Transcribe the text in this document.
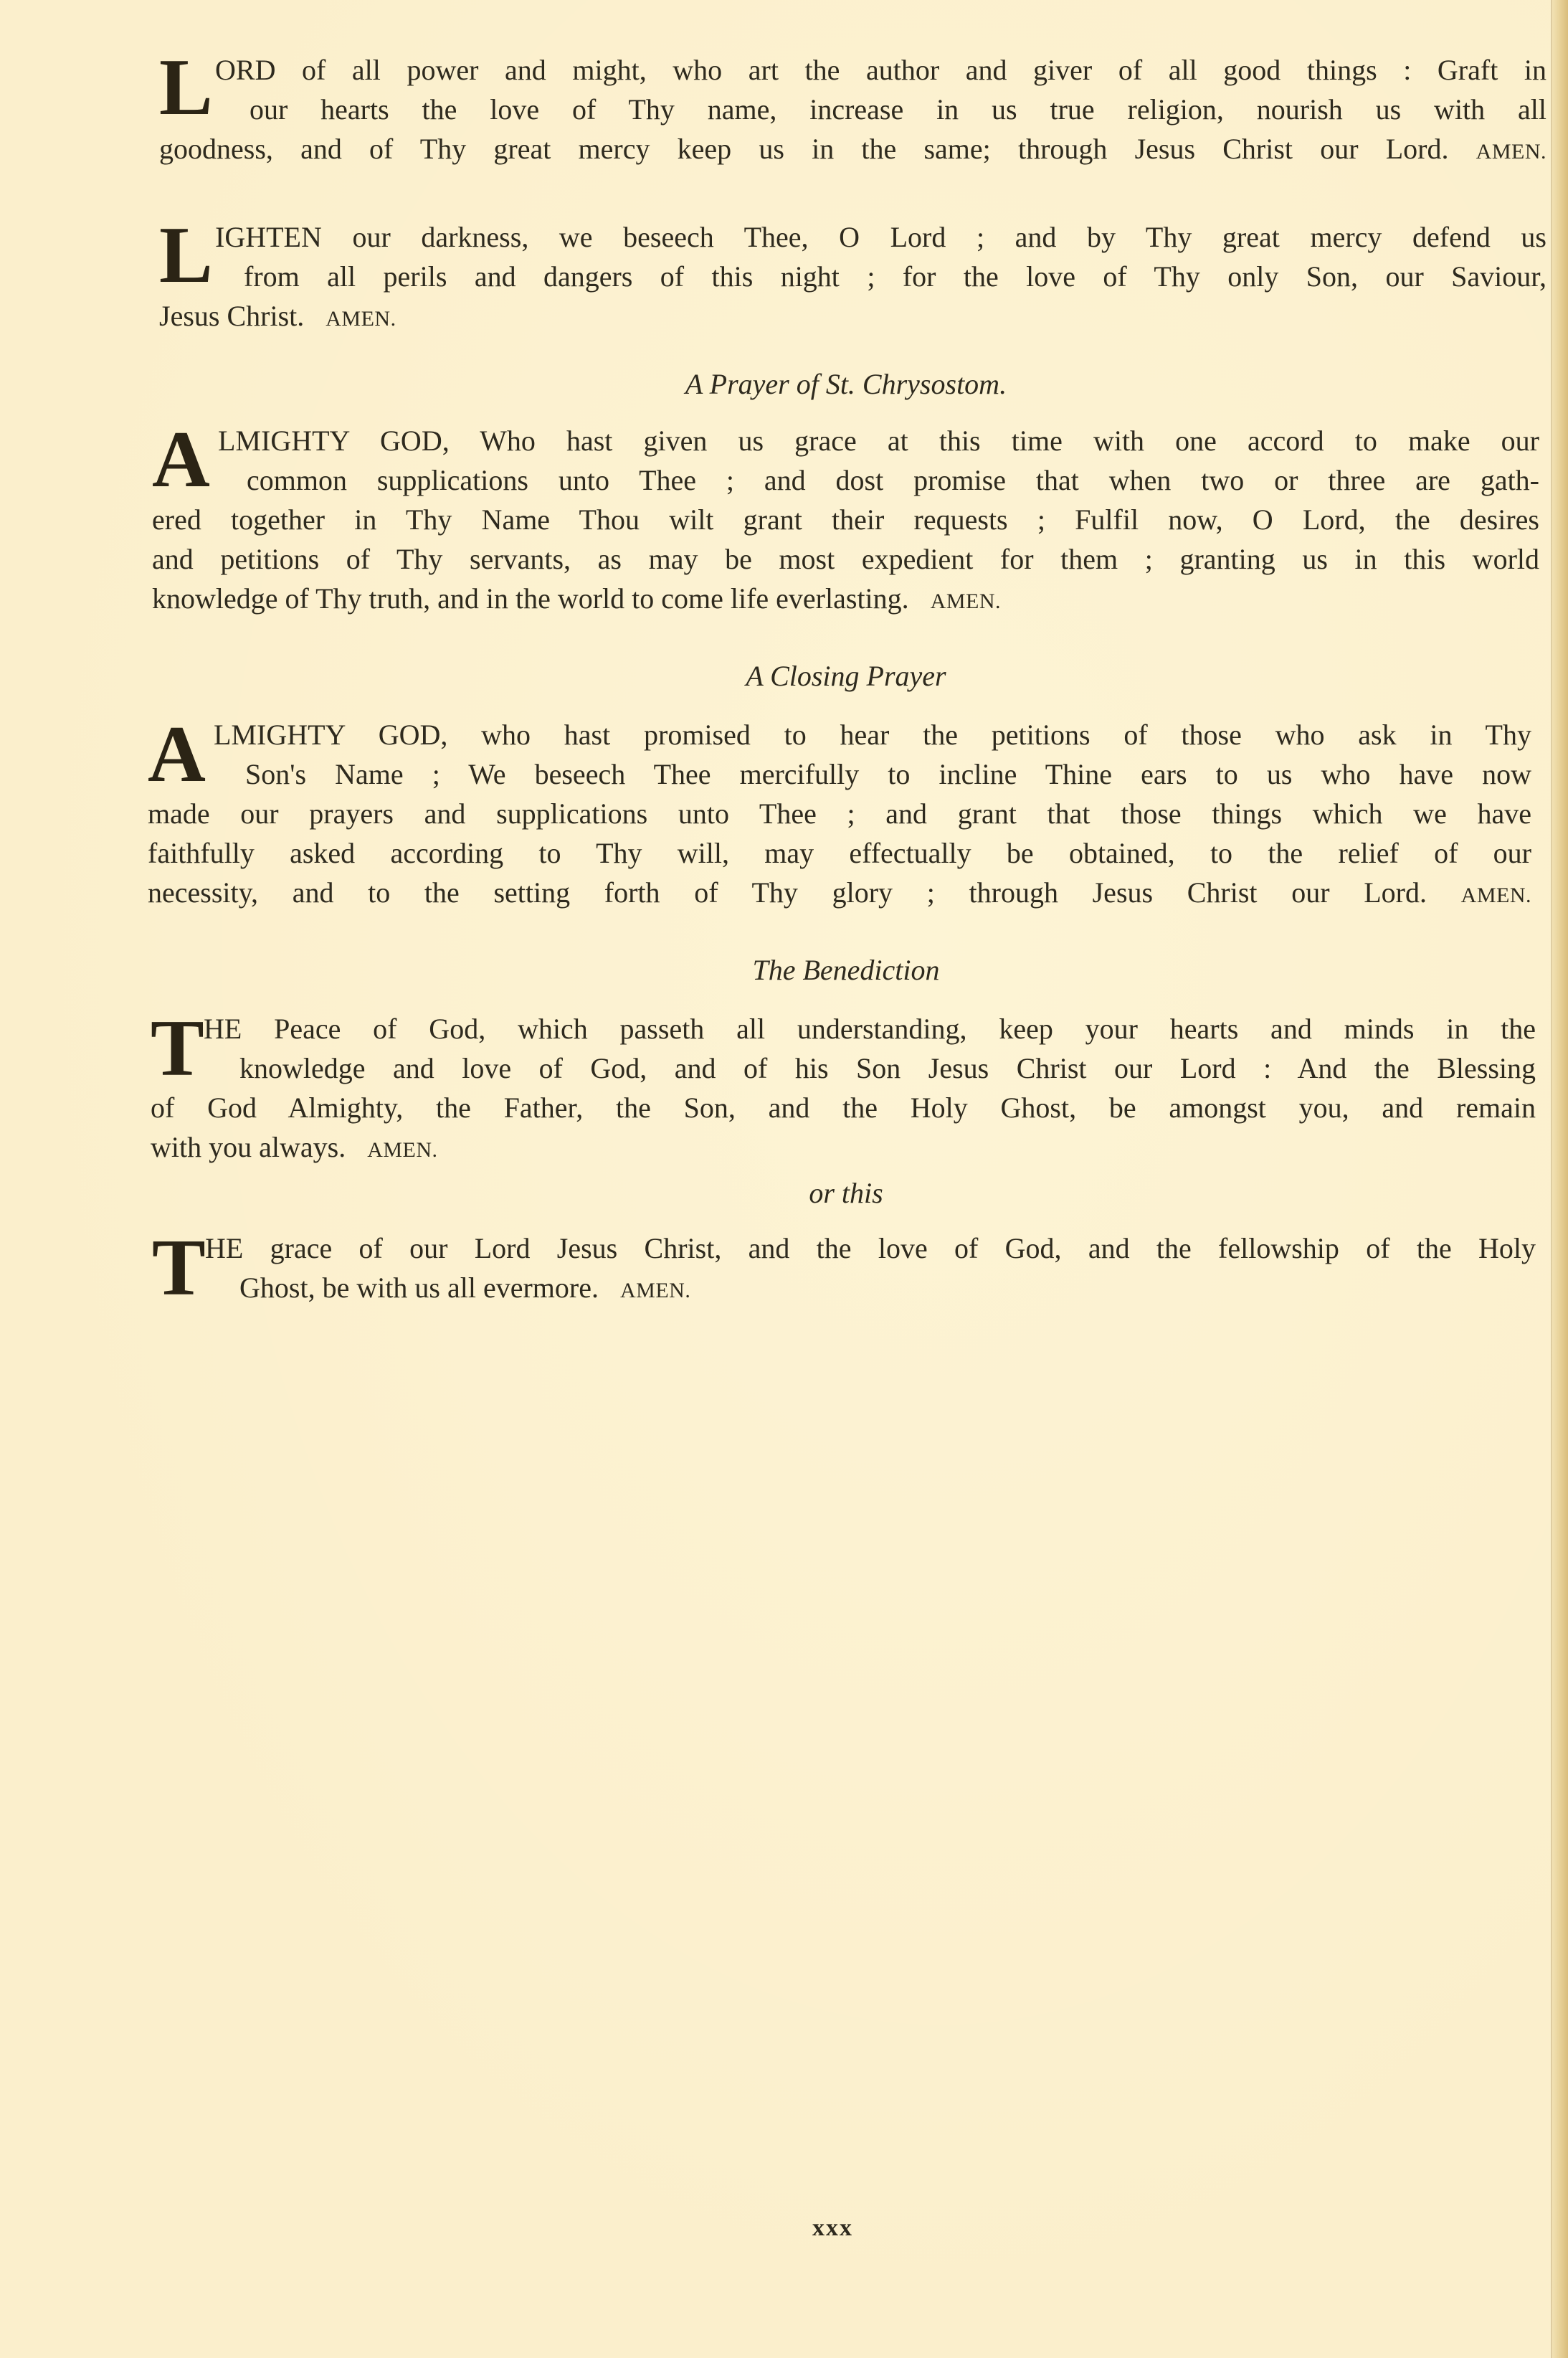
L ORD of all power and might, who art the author and giver of all good things : Graft in
our hearts the love of Thy name, increase in us true religion, nourish us with all
goodness, and of Thy great mercy keep us in the same; through Jesus Christ our Lord. AMEN.
L IGHTEN our darkness, we beseech Thee, O Lord ; and by Thy great mercy defend us
from all perils and dangers of this night ; for the love of Thy only Son, our Saviour,
Jesus Christ. AMEN.
A Prayer of St. Chrysostom.
A LMIGHTY GOD, Who hast given us grace at this time with one accord to make our
common supplications unto Thee ; and dost promise that when two or three are gath-
ered together in Thy Name Thou wilt grant their requests ; Fulfil now, O Lord, the desires
and petitions of Thy servants, as may be most expedient for them ; granting us in this world
knowledge of Thy truth, and in the world to come life everlasting. AMEN.
A Closing Prayer
A LMIGHTY GOD, who hast promised to hear the petitions of those who ask in Thy
Son's Name ; We beseech Thee mercifully to incline Thine ears to us who have now
made our prayers and supplications unto Thee ; and grant that those things which we have
faithfully asked according to Thy will, may effectually be obtained, to the relief of our
necessity, and to the setting forth of Thy glory ; through Jesus Christ our Lord. AMEN.
The Benediction
T HE Peace of God, which passeth all understanding, keep your hearts and minds in the
knowledge and love of God, and of his Son Jesus Christ our Lord : And the Blessing
of God Almighty, the Father, the Son, and the Holy Ghost, be amongst you, and remain
with you always. AMEN.
or this
T HE grace of our Lord Jesus Christ, and the love of God, and the fellowship of the Holy
Ghost, be with us all evermore. AMEN.
xxx
